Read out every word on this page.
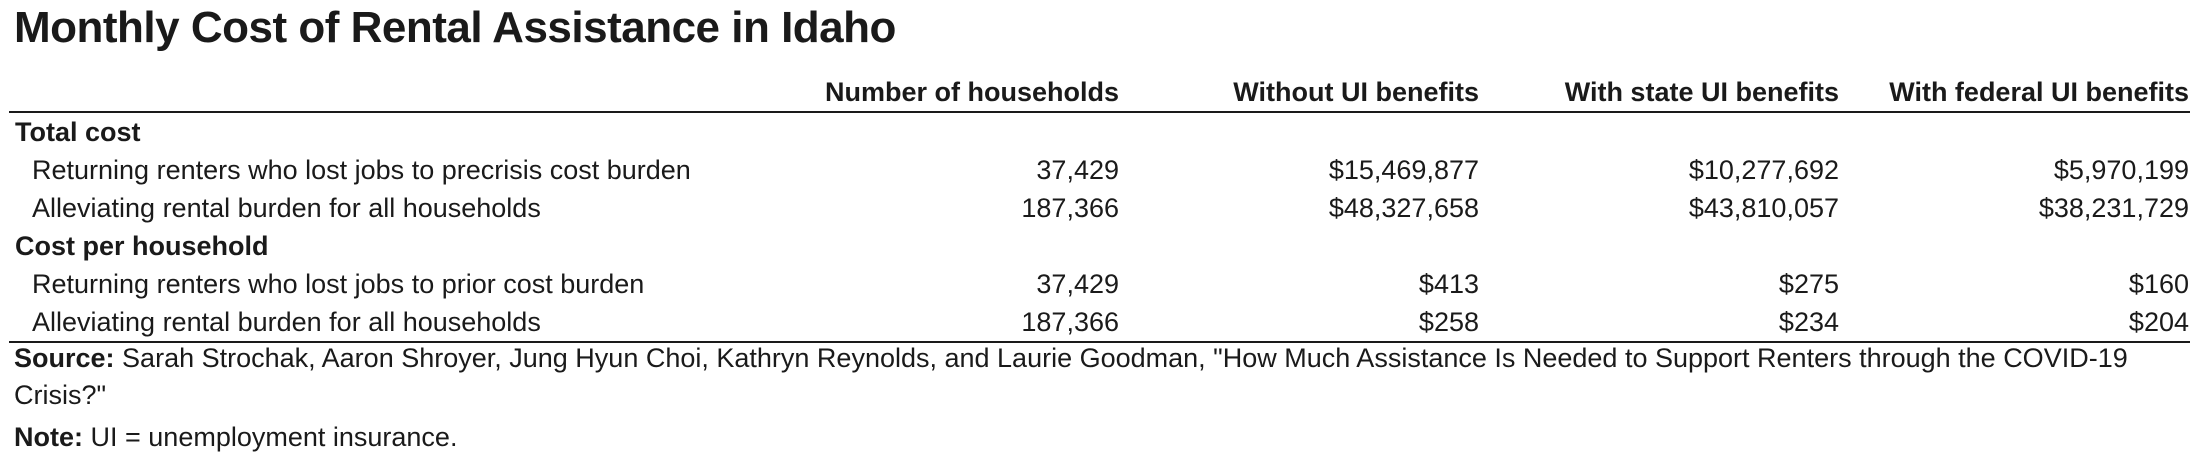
Monthly Cost of Rental Assistance in Idaho
	Number of households	Without UI benefits	With state UI benefits	With federal UI benefits
Total cost				
Returning renters who lost jobs to precrisis cost burden	37,429	$15,469,877	$10,277,692	$5,970,199
Alleviating rental burden for all households	187,366	$48,327,658	$43,810,057	$38,231,729
Cost per household				
Returning renters who lost jobs to prior cost burden	37,429	$413	$275	$160
Alleviating rental burden for all households	187,366	$258	$234	$204

Source: Sarah Strochak, Aaron Shroyer, Jung Hyun Choi, Kathryn Reynolds, and Laurie Goodman, "How Much Assistance Is Needed to Support Renters through the COVID-19 Crisis?"

Note: UI = unemployment insurance.
